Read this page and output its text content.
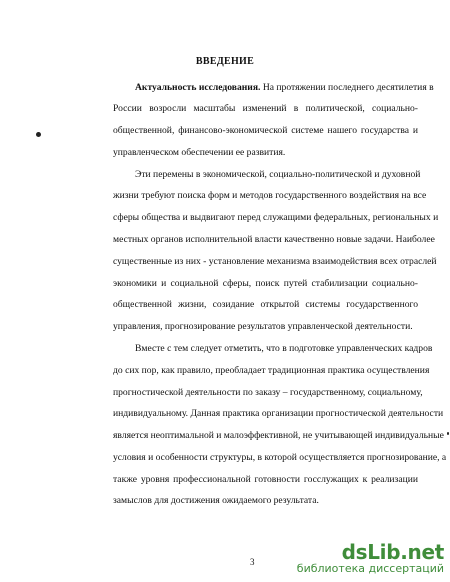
ВВЕДЕНИЕ
Актуальность исследования. На протяжении последнего десятилетия в
России возросли масштабы изменений в политической, социально-
общественной, финансово-экономической системе нашего государства и
управленческом обеспечении ее развития.
Эти перемены в экономической, социально-политической и духовной
жизни требуют поиска форм и методов государственного воздействия на все
сферы общества и выдвигают перед служащими федеральных, региональных и
местных органов исполнительной власти качественно новые задачи. Наиболее
существенные из них - установление механизма взаимодействия всех отраслей
экономики и социальной сферы, поиск путей стабилизации социально-
общественной жизни, созидание открытой системы государственного
управления, прогнозирование результатов управленческой деятельности.
Вместе с тем следует отметить, что в подготовке управленческих кадров
до сих пор, как правило, преобладает традиционная практика осуществления
прогностической деятельности по заказу – государственному, социальному,
индивидуальному. Данная практика организации прогностической деятельности
является неоптимальной и малоэффективной, не учитывающей индивидуальные
условия и особенности структуры, в которой осуществляется прогнозирование, а
также уровня профессиональной готовности госслужащих к реализации
замыслов для достижения ожидаемого результата.
3	dsLib.net
библиотека диссертаций
